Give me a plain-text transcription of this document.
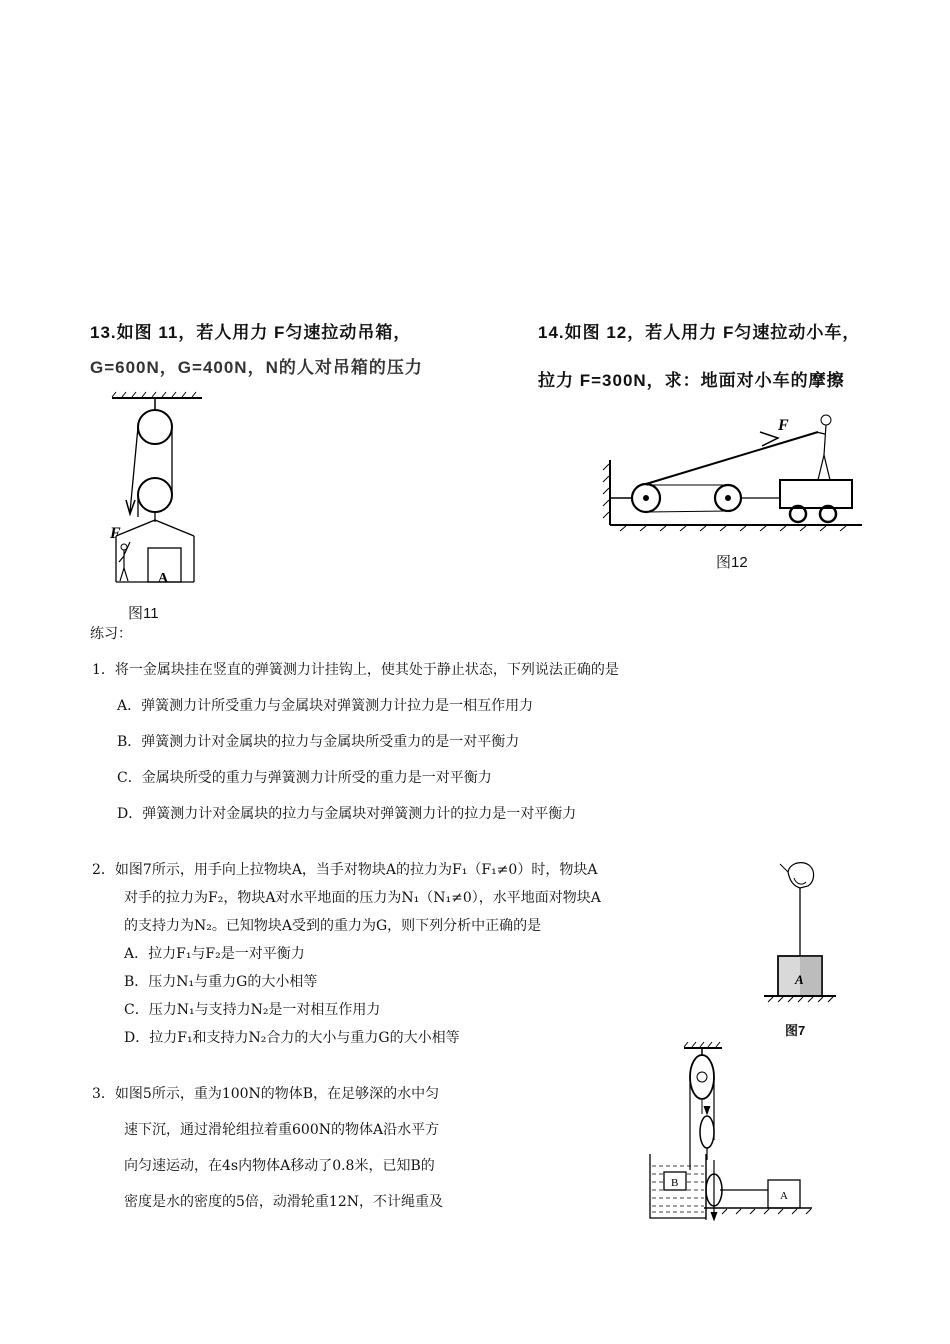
13.如图 11，若人用力 F匀速拉动吊箱，
G=600N，G=400N，N的人对吊箱的压力
F
A
图11
14.如图 12，若人用力 F匀速拉动小车，
拉力 F=300N，求：地面对小车的摩擦
F
图12
练习：
1．将一金属块挂在竖直的弹簧测力计挂钩上，使其处于静止状态，下列说法正确的是
A．弹簧测力计所受重力与金属块对弹簧测力计拉力是一相互作用力
B．弹簧测力计对金属块的拉力与金属块所受重力的是一对平衡力
C．金属块所受的重力与弹簧测力计所受的重力是一对平衡力
D．弹簧测力计对金属块的拉力与金属块对弹簧测力计的拉力是一对平衡力
2．如图7所示，用手向上拉物块A，当手对物块A的拉力为F₁（F₁≠0）时，物块A
对手的拉力为F₂，物块A对水平地面的压力为N₁（N₁≠0），水平地面对物块A
的支持力为N₂。已知物块A受到的重力为G，则下列分析中正确的是
A．拉力F₁与F₂是一对平衡力
B．压力N₁与重力G的大小相等
C．压力N₁与支持力N₂是一对相互作用力
D．拉力F₁和支持力N₂合力的大小与重力G的大小相等
A
图7
3．如图5所示，重为100N的物体B，在足够深的水中匀
速下沉，通过滑轮组拉着重600N的物体A沿水平方
向匀速运动，在4s内物体A移动了0.8米，已知B的
密度是水的密度的5倍，动滑轮重12N，不计绳重及
B
A
